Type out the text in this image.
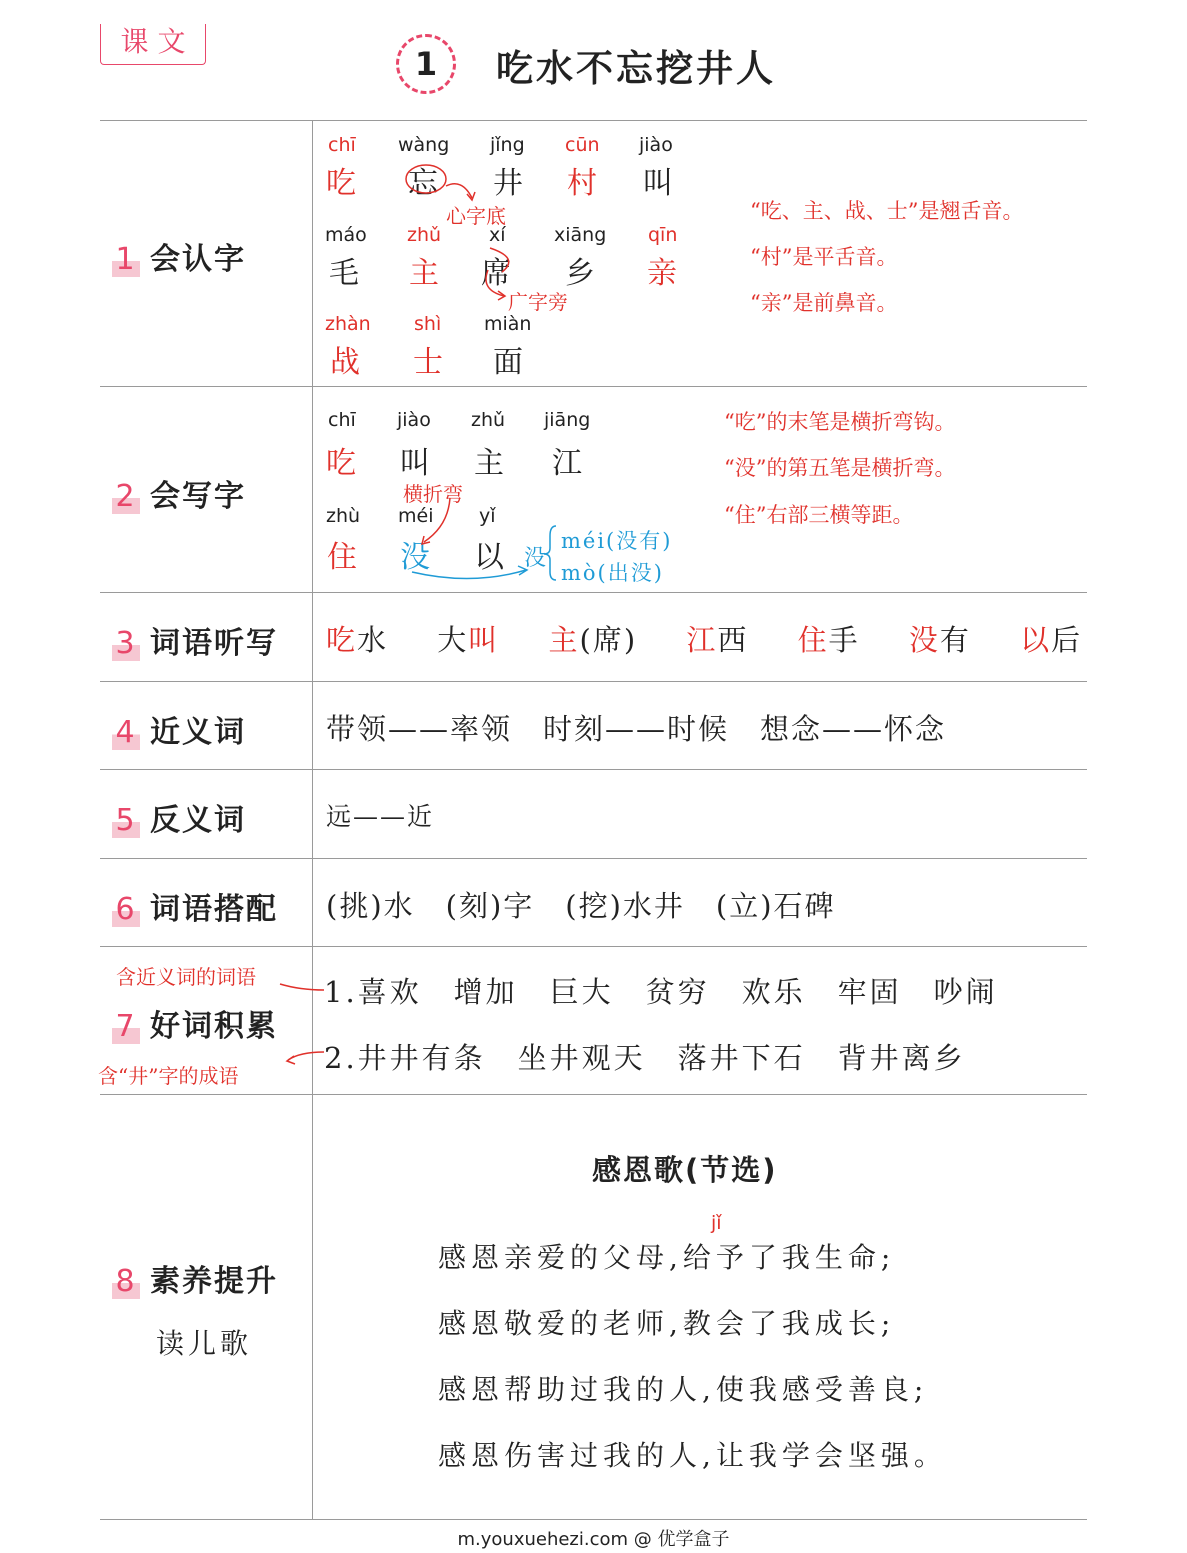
课 文
1	吃水不忘挖井人
1 会认字
2 会写字
3 词语听写
4 近义词
5 反义词
6 词语搭配
7 好词积累
8 素养提升
读儿歌
chī
吃
wàng
忘
jǐng
井
cūn
村
jiào
叫
máo
毛
zhǔ
主
xí
席
xiāng
乡
qīn
亲
zhàn
战
shì
士
miàn
面
心字底
广字旁
“吃、主、战、士”是翘舌音。
“村”是平舌音。
“亲”是前鼻音。
chī
吃
jiào
叫
zhǔ
主
jiāng
江
zhù
住
méi
没
yǐ
以
横折弯
没
méi(没有)
mò(出没)
“吃”的末笔是横折弯钩。
“没”的第五笔是横折弯。
“住”右部三横等距。
吃水 大叫 主(席) 江西 住手 没有 以后
带领——率领　时刻——时候　想念——怀念
远——近
(挑)水　(刻)字　(挖)水井　(立)石碑
含近义词的词语
含“井”字的成语
1.喜欢　增加　巨大　贫穷　欢乐　牢固　吵闹
2.井井有条　坐井观天　落井下石　背井离乡
感恩歌(节选)
jǐ
感恩亲爱的父母,给予了我生命;
感恩敬爱的老师,教会了我成长;
感恩帮助过我的人,使我感受善良;
感恩伤害过我的人,让我学会坚强。
m.youxuehezi.com @ 优学盒子
